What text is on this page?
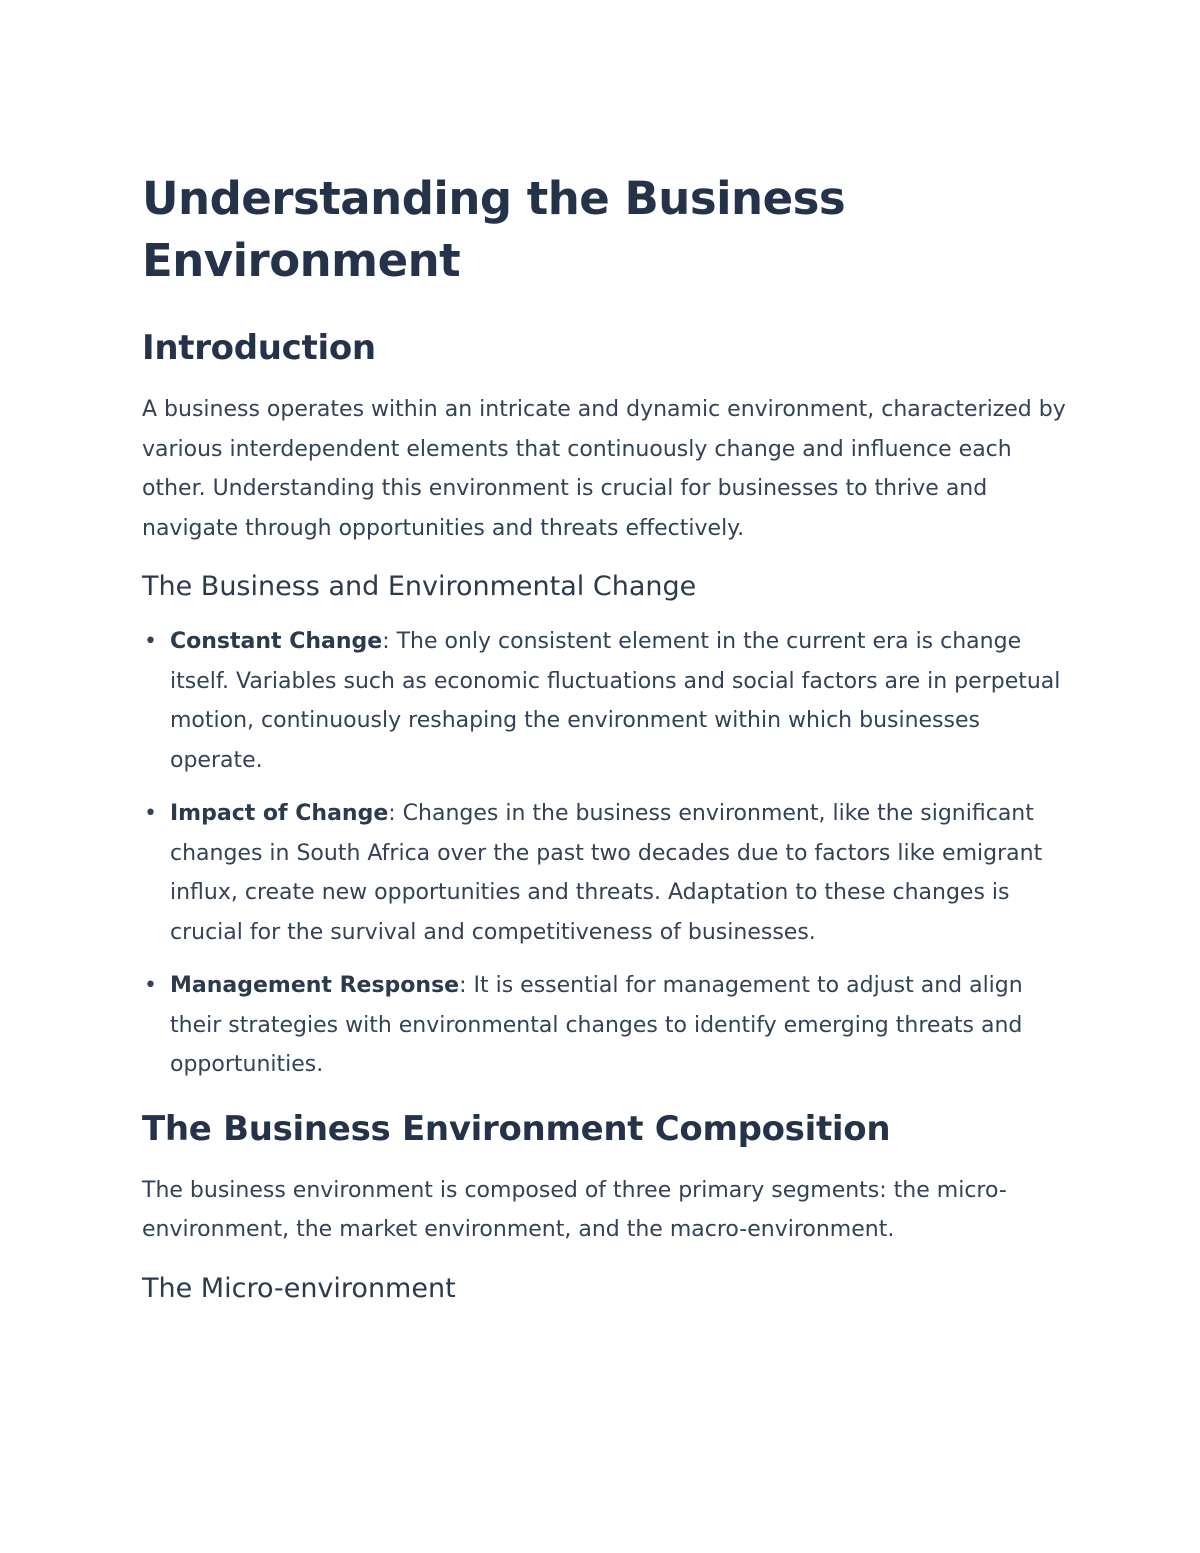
Understanding the Business Environment
Introduction

A business operates within an intricate and dynamic environment, characterized by various interdependent elements that continuously change and influence each other. Understanding this environment is crucial for businesses to thrive and navigate through opportunities and threats effectively.

The Business and Environmental Change
• Constant Change: The only consistent element in the current era is change itself. Variables such as economic fluctuations and social factors are in perpetual motion, continuously reshaping the environment within which businesses operate.
• Impact of Change: Changes in the business environment, like the significant changes in South Africa over the past two decades due to factors like emigrant influx, create new opportunities and threats. Adaptation to these changes is crucial for the survival and competitiveness of businesses.
• Management Response: It is essential for management to adjust and align their strategies with environmental changes to identify emerging threats and opportunities.
The Business Environment Composition

The business environment is composed of three primary segments: the micro-environment, the market environment, and the macro-environment.

The Micro-environment
